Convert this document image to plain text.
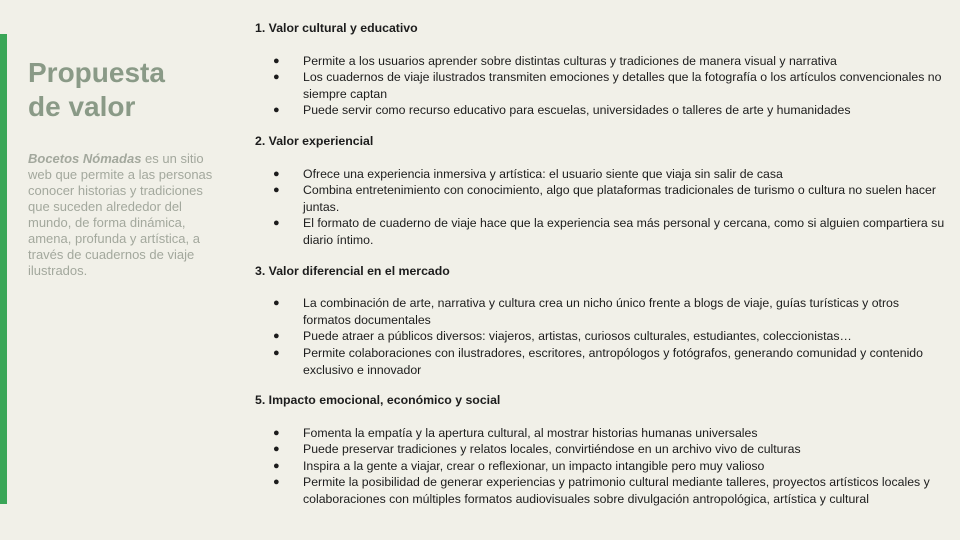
Propuesta
de valor
Bocetos Nómadas es un sitio web que permite a las personas conocer historias y tradiciones que suceden alrededor del mundo, de forma dinámica, amena, profunda y artística, a través de cuadernos de viaje ilustrados.
1. Valor cultural y educativo
● Permite a los usuarios aprender sobre distintas culturas y tradiciones de manera visual y narrativa
● Los cuadernos de viaje ilustrados transmiten emociones y detalles que la fotografía o los artículos convencionales no siempre captan
● Puede servir como recurso educativo para escuelas, universidades o talleres de arte y humanidades
2. Valor experiencial
● Ofrece una experiencia inmersiva y artística: el usuario siente que viaja sin salir de casa
● Combina entretenimiento con conocimiento, algo que plataformas tradicionales de turismo o cultura no suelen hacer juntas.
● El formato de cuaderno de viaje hace que la experiencia sea más personal y cercana, como si alguien compartiera su diario íntimo.
3. Valor diferencial en el mercado
● La combinación de arte, narrativa y cultura crea un nicho único frente a blogs de viaje, guías turísticas y otros formatos documentales
● Puede atraer a públicos diversos: viajeros, artistas, curiosos culturales, estudiantes, coleccionistas…
● Permite colaboraciones con ilustradores, escritores, antropólogos y fotógrafos, generando comunidad y contenido exclusivo e innovador
5. Impacto emocional, económico y social
● Fomenta la empatía y la apertura cultural, al mostrar historias humanas universales
● Puede preservar tradiciones y relatos locales, convirtiéndose en un archivo vivo de culturas
● Inspira a la gente a viajar, crear o reflexionar, un impacto intangible pero muy valioso
● Permite la posibilidad de generar experiencias y patrimonio cultural mediante talleres, proyectos artísticos locales y colaboraciones con múltiples formatos audiovisuales sobre divulgación antropológica, artística y cultural
